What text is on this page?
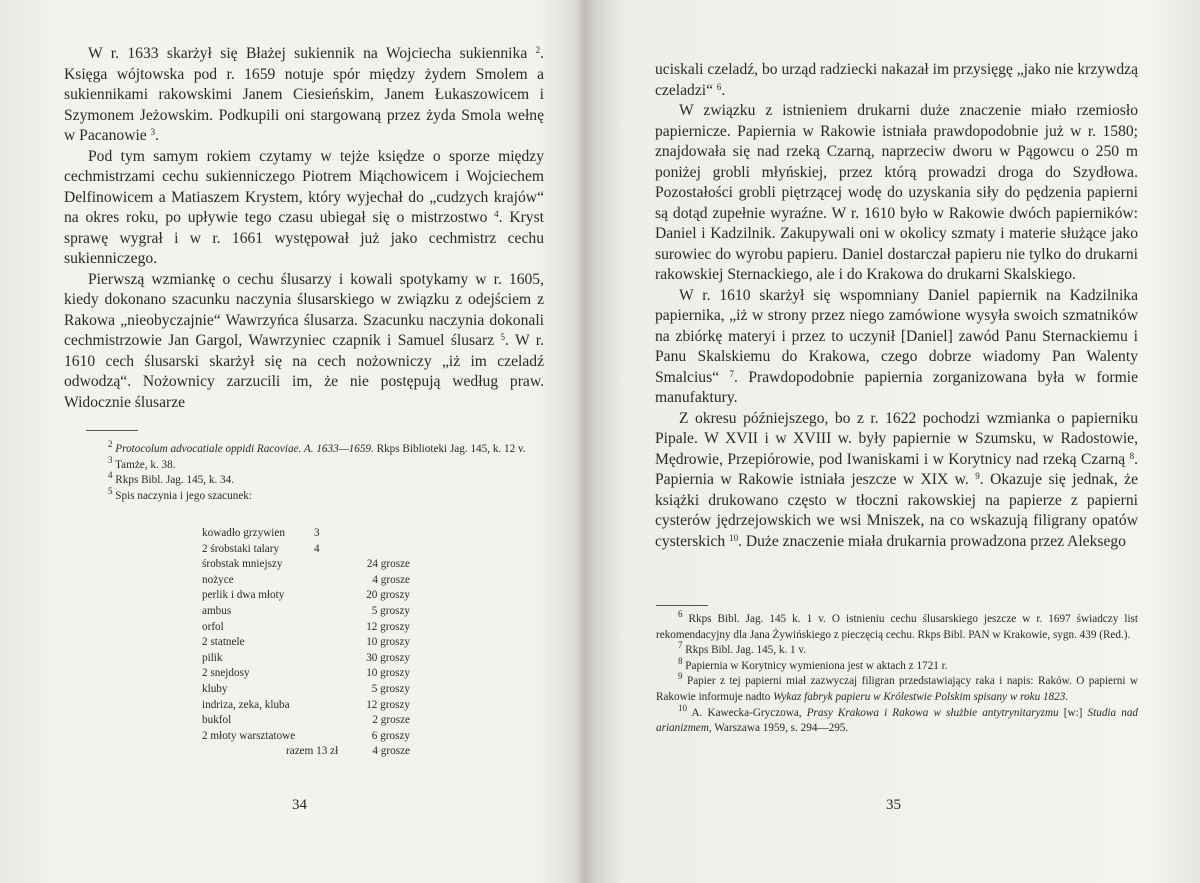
W r. 1633 skarżył się Błażej sukiennik na Wojciecha sukiennika $^2$. Księga wójtowska pod r. 1659 notuje spór między żydem Smolem a sukiennikami rakowskimi Janem Ciesieńskim, Janem Łukaszowicem i Szymonem Jeżowskim. Podkupili oni stargowaną przez żyda Smola wełnę w Pacanowie $^3$.

Pod tym samym rokiem czytamy w tejże księdze o sporze między cechmistrzami cechu sukienniczego Piotrem Miąchowicem i Wojciechem Delfinowicem a Matiaszem Krystem, który wyjechał do „cudzych krajów“ na okres roku, po upływie tego czasu ubiegał się o mistrzostwo $^4$. Kryst sprawę wygrał i w r. 1661 występował już jako cechmistrz cechu sukienniczego.

Pierwszą wzmiankę o cechu ślusarzy i kowali spotykamy w r. 1605, kiedy dokonano szacunku naczynia ślusarskiego w związku z odejściem z Rakowa „nieobyczajnie“ Wawrzyńca ślusarza. Szacunku naczynia dokonali cechmistrzowie Jan Gargol, Wawrzyniec czapnik i Samuel ślusarz $^5$. W r. 1610 cech ślusarski skarżył się na cech nożowniczy „iż im czeladź odwodzą“. Nożownicy zarzucili im, że nie postępują według praw. Widocznie ślusarze

$^2$ Protocolum advocatiale oppidi Racoviae. A. 1633—1659. Rkps Biblioteki Jag. 145, k. 12 v.

$^3$ Tamże, k. 38.

$^4$ Rkps Bibl. Jag. 145, k. 34.

$^5$ Spis naczynia i jego szacunek:

kowadło grzywien	3
2 śrobstaki talary	4
śrobstak mniejszy	24 grosze
nożyce	4 grosze
perlik i dwa młoty	20 groszy
ambus	5 groszy
orfol	12 groszy
2 statnele	10 groszy
pilik	30 groszy
2 snejdosy	10 groszy
kluby	5 groszy
indriza, zeka, kluba	12 groszy
bukfol	2 grosze
2 młoty warsztatowe	6 groszy
razem 13 zł	4 grosze
34

uciskali czeladź, bo urząd radziecki nakazał im przysięgę „jako nie krzywdzą czeladzi“ $^6$.

W związku z istnieniem drukarni duże znaczenie miało rzemiosło papiernicze. Papiernia w Rakowie istniała prawdopodobnie już w r. 1580; znajdowała się nad rzeką Czarną, naprzeciw dworu w Pągowcu o 250 m poniżej grobli młyńskiej, przez którą prowadzi droga do Szydłowa. Pozostałości grobli piętrzącej wodę do uzyskania siły do pędzenia papierni są dotąd zupełnie wyraźne. W r. 1610 było w Rakowie dwóch papierników: Daniel i Kadzilnik. Zakupywali oni w okolicy szmaty i materie służące jako surowiec do wyrobu papieru. Daniel dostarczał papieru nie tylko do drukarni rakowskiej Sternackiego, ale i do Krakowa do drukarni Skalskiego.

W r. 1610 skarżył się wspomniany Daniel papiernik na Kadzilnika papiernika, „iż w strony przez niego zamówione wysyła swoich szmatników na zbiórkę materyi i przez to uczynił [Daniel] zawód Panu Sternackiemu i Panu Skalskiemu do Krakowa, czego dobrze wiadomy Pan Walenty Smalcius“ $^7$. Prawdopodobnie papiernia zorganizowana była w formie manufaktury.

Z okresu późniejszego, bo z r. 1622 pochodzi wzmianka o papierniku Pipale. W XVII i w XVIII w. były papiernie w Szumsku, w Radostowie, Mędrowie, Przepiórowie, pod Iwaniskami i w Korytnicy nad rzeką Czarną $^8$. Papiernia w Rakowie istniała jeszcze w XIX w. $^9$. Okazuje się jednak, że książki drukowano często w tłoczni rakowskiej na papierze z papierni cysterów jędrzejowskich we wsi Mniszek, na co wskazują filigrany opatów cysterskich $^{10}$. Duże znaczenie miała drukarnia prowadzona przez Aleksego

$^6$ Rkps Bibl. Jag. 145 k. 1 v. O istnieniu cechu ślusarskiego jeszcze w r. 1697 świadczy list rekomendacyjny dla Jana Żywińskiego z pieczęcią cechu. Rkps Bibl. PAN w Krakowie, sygn. 439 (Red.).

$^7$ Rkps Bibl. Jag. 145, k. 1 v.

$^8$ Papiernia w Korytnicy wymieniona jest w aktach z 1721 r.

$^9$ Papier z tej papierni miał zazwyczaj filigran przedstawiający raka i napis: Raków. O papierni w Rakowie informuje nadto Wykaz fabryk papieru w Królestwie Polskim spisany w roku 1823.

$^{10}$ A. Kawecka-Gryczowa, Prasy Krakowa i Rakowa w służbie antytrynitaryzmu [w:] Studia nad arianizmem, Warszawa 1959, s. 294—295.

35
